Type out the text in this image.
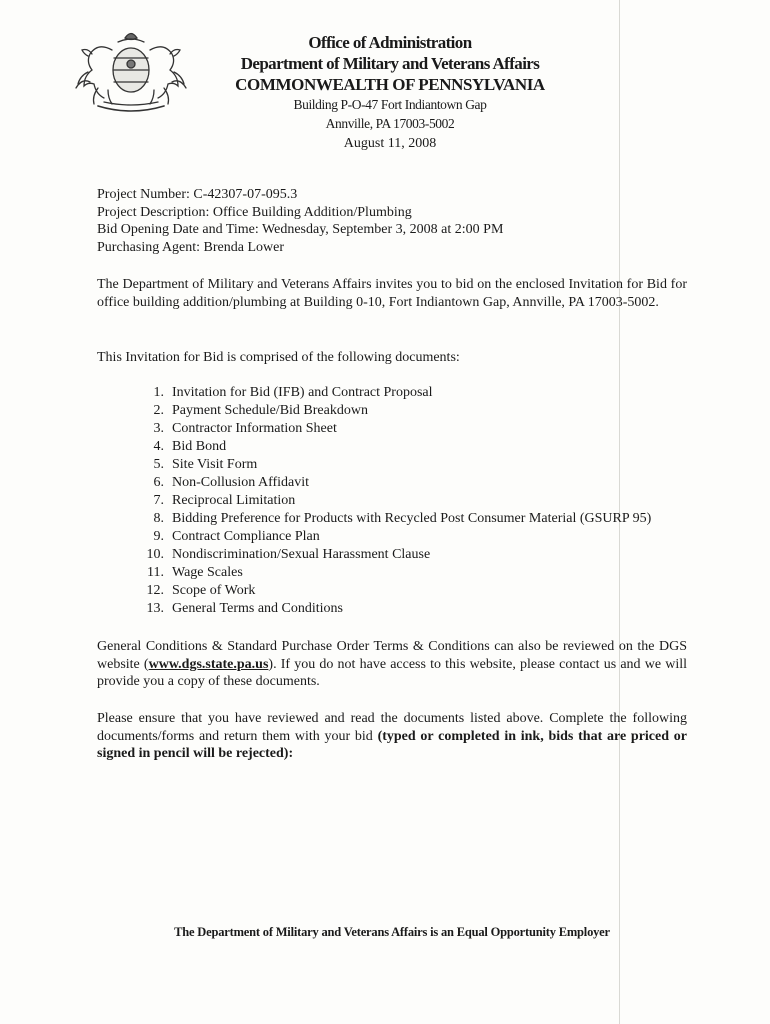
Office of Administration
Department of Military and Veterans Affairs
COMMONWEALTH OF PENNSYLVANIA
Building P-O-47 Fort Indiantown Gap
Annville, PA 17003-5002
August 11, 2008
Project Number: C-42307-07-095.3
Project Description: Office Building Addition/Plumbing
Bid Opening Date and Time: Wednesday, September 3, 2008 at 2:00 PM
Purchasing Agent: Brenda Lower
The Department of Military and Veterans Affairs invites you to bid on the enclosed Invitation for Bid for office building addition/plumbing at Building 0-10, Fort Indiantown Gap, Annville, PA 17003-5002.
This Invitation for Bid is comprised of the following documents:
1. Invitation for Bid (IFB) and Contract Proposal
2. Payment Schedule/Bid Breakdown
3. Contractor Information Sheet
4. Bid Bond
5. Site Visit Form
6. Non-Collusion Affidavit
7. Reciprocal Limitation
8. Bidding Preference for Products with Recycled Post Consumer Material (GSURP 95)
9. Contract Compliance Plan
10. Nondiscrimination/Sexual Harassment Clause
11. Wage Scales
12. Scope of Work
13. General Terms and Conditions
General Conditions & Standard Purchase Order Terms & Conditions can also be reviewed on the DGS website (www.dgs.state.pa.us). If you do not have access to this website, please contact us and we will provide you a copy of these documents.
Please ensure that you have reviewed and read the documents listed above. Complete the following documents/forms and return them with your bid (typed or completed in ink, bids that are priced or signed in pencil will be rejected):
The Department of Military and Veterans Affairs is an Equal Opportunity Employer
